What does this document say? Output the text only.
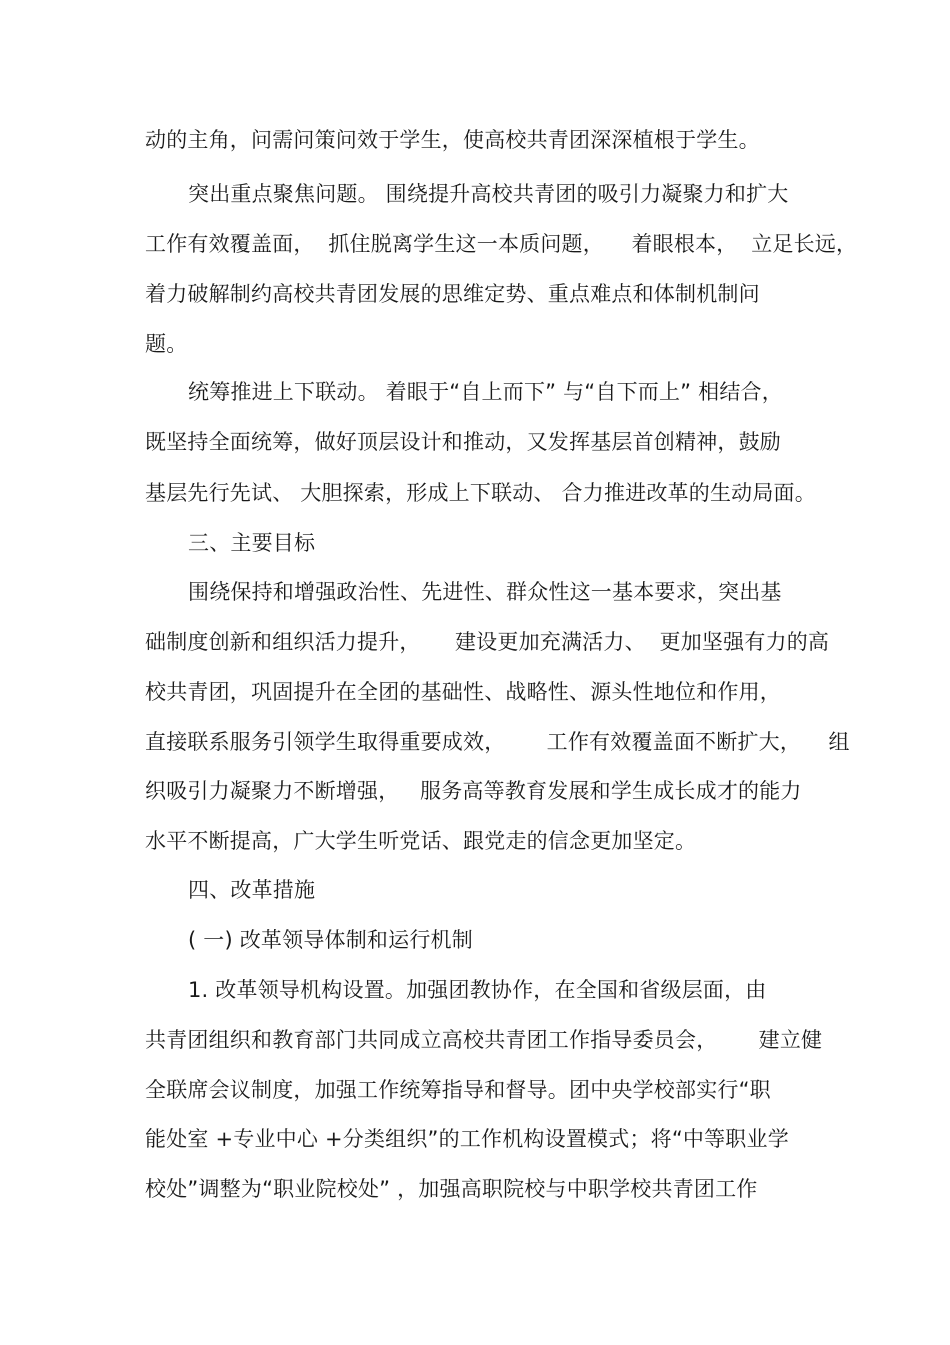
动的主角，问需问策问效于学生，使高校共青团深深植根于学生。
突出重点聚焦问题。 围绕提升高校共青团的吸引力凝聚力和扩大
工作有效覆盖面，  抓住脱离学生这一本质问题，    着眼根本，  立足长远，
着力破解制约高校共青团发展的思维定势、重点难点和体制机制问
题。
统筹推进上下联动。 着眼于“自上而下” 与“自下而上” 相结合，
既坚持全面统筹，做好顶层设计和推动，又发挥基层首创精神，鼓励
基层先行先试、 大胆探索，形成上下联动、 合力推进改革的生动局面。
三、主要目标
围绕保持和增强政治性、先进性、群众性这一基本要求，突出基
础制度创新和组织活力提升，     建设更加充满活力、  更加坚强有力的高
校共青团，巩固提升在全团的基础性、战略性、源头性地位和作用，
直接联系服务引领学生取得重要成效，      工作有效覆盖面不断扩大，    组
织吸引力凝聚力不断增强，   服务高等教育发展和学生成长成才的能力
水平不断提高，广大学生听党话、跟党走的信念更加坚定。
四、改革措施
( 一) 改革领导体制和运行机制
1. 改革领导机构设置。加强团教协作，在全国和省级层面，由
共青团组织和教育部门共同成立高校共青团工作指导委员会，      建立健
全联席会议制度，加强工作统筹指导和督导。团中央学校部实行“职
能处室 +专业中心 +分类组织”的工作机构设置模式；将“中等职业学
校处”调整为“职业院校处” ，加强高职院校与中职学校共青团工作
